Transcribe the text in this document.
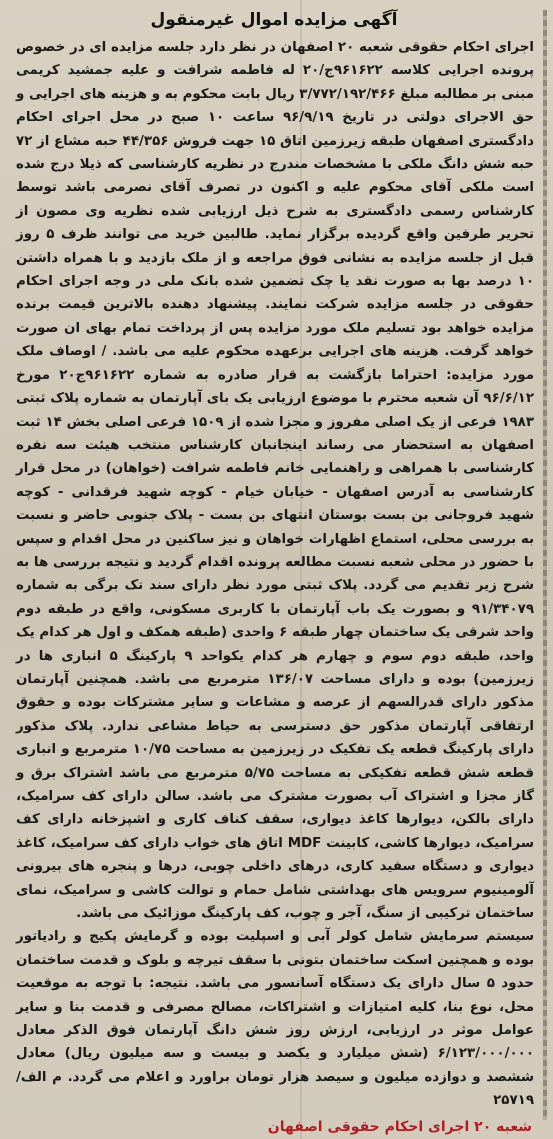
آگهی مزایده اموال غیرمنقول

اجرای احکام حقوقی شعبه ۲۰ اصفهان در نظر دارد جلسه مزایده ای در خصوص پرونده اجرایی کلاسه ۹۶۱۶۲۲ج/۲۰ له فاطمه شرافت و علیه جمشید کریمی مبنی بر مطالبه مبلغ ۳/۷۷۲/۱۹۲/۴۶۶ ریال بابت محکوم به و هزینه های اجرایی و حق الاجرای دولتی در تاریخ ۹۶/۹/۱۹ ساعت ۱۰ صبح در محل اجرای احکام دادگستری اصفهان طبقه زیرزمین اتاق ۱۵ جهت فروش ۴۴/۳۵۶ حبه مشاع از ۷۲ حبه شش دانگ ملکی با مشخصات مندرج در نظریه کارشناسی که ذیلا درج شده است ملکی آقای محکوم علیه و اکنون در تصرف آقای نصرمی باشد توسط کارشناس رسمی دادگستری به شرح ذیل ارزیابی شده نظریه وی مصون از تحریر طرفین واقع گردیده برگزار نماید. طالبین خرید می توانند ظرف ۵ روز قبل از جلسه مزایده به نشانی فوق مراجعه و از ملک بازدید و با همراه داشتن ۱۰ درصد بها به صورت نقد یا چک تضمین شده بانک ملی در وجه اجرای احکام حقوقی در جلسه مزایده شرکت نمایند. پیشنهاد دهنده بالاترین قیمت برنده مزایده خواهد بود تسلیم ملک مورد مزایده پس از پرداخت تمام بهای ان صورت خواهد گرفت. هزینه های اجرایی برعهده محکوم علیه می باشد. / اوصاف ملک مورد مزایده: احتراما بازگشت به قرار صادره به شماره ۹۶۱۶۲۲ج۲۰ مورخ ۹۶/۶/۱۲ آن شعبه محترم با موضوع ارزیابی یک بای آپارتمان به شماره پلاک ثبتی ۱۹۸۳ فرعی از یک اصلی مفروز و مجزا شده از ۱۵۰۹ فرعی اصلی بخش ۱۴ ثبت اصفهان به استحضار می رساند اینجانبان کارشناس منتخب هیئت سه نفره کارشناسی با همراهی و راهنمایی خانم فاطمه شرافت (خواهان) در محل قرار کارشناسی به آدرس اصفهان - خیابان خیام - کوچه شهید فرقدانی - کوچه شهید فروجانی بن بست بوستان انتهای بن بست - پلاک جنوبی حاضر و نسبت به بررسی محلی، استماع اظهارات خواهان و نیز ساکنین در محل اقدام و سپس با حضور در محلی شعبه نسبت مطالعه پرونده اقدام گردید و نتیجه بررسی ها به شرح زیر تقدیم می گردد. پلاک ثبتی مورد نظر دارای سند تک برگی به شماره ۹۱/۳۴۰۷۹ و بصورت یک باب آپارتمان با کاربری مسکونی، واقع در طبقه دوم واحد شرقی یک ساختمان چهار طبقه ۶ واحدی (طبقه همکف و اول هر کدام یک واحد، طبقه دوم سوم و چهارم هر کدام یکواحد ۹ پارکینگ ۵ انباری ها در زیرزمین) بوده و دارای مساحت ۱۳۶/۰۷ مترمربع می باشد. همچنین آپارتمان مذکور دارای قدرالسهم از عرصه و مشاعات و سایر مشترکات بوده و حقوق ارتفاقی آپارتمان مذکور حق دسترسی به حیاط مشاعی ندارد. پلاک مذکور دارای پارکینگ قطعه یک تفکیک در زیرزمین به مساحت ۱۰/۷۵ مترمربع و انباری قطعه شش قطعه تفکیکی به مساحت ۵/۷۵ مترمربع می باشد اشتراک برق و گاز مجزا و اشتراک آب بصورت مشترک می باشد. سالن دارای کف سرامیک، دارای بالکن، دیوارها کاغذ دیواری، سقف کناف کاری و اشپزخانه دارای کف سرامیک، دیوارها کاشی، کابینت MDF اتاق های خواب دارای کف سرامیک، کاغذ دیواری و دستگاه سفید کاری، درهای داخلی چوبی، درها و پنجره های بیرونی آلومینیوم سرویس های بهداشتی شامل حمام و توالت کاشی و سرامیک، نمای ساختمان ترکیبی از سنگ، آجر و چوب، کف پارکینگ موزائیک می باشد.

سیستم سرمایش شامل کولر آبی و اسپلیت بوده و گرمایش پکیج و رادیاتور بوده و همچنین اسکت ساختمان بتونی با سقف تیرچه و بلوک و قدمت ساختمان حدود ۵ سال دارای یک دستگاه آسانسور می باشد. نتیجه: با توجه به موقعیت محل، نوع بنا، کلیه امتیازات و اشتراکات، مصالح مصرفی و قدمت بنا و سایر عوامل موثر در ارزیابی، ارزش روز شش دانگ آپارتمان فوق الذکر معادل ۶/۱۲۳/۰۰۰/۰۰۰ (شش میلیارد و یکصد و بیست و سه میلیون ریال) معادل ششصد و دوازده میلیون و سیصد هزار تومان براورد و اعلام می گردد. م الف/ ۲۵۷۱۹

شعبه ۲۰ اجرای احکام حقوقی اصفهان
